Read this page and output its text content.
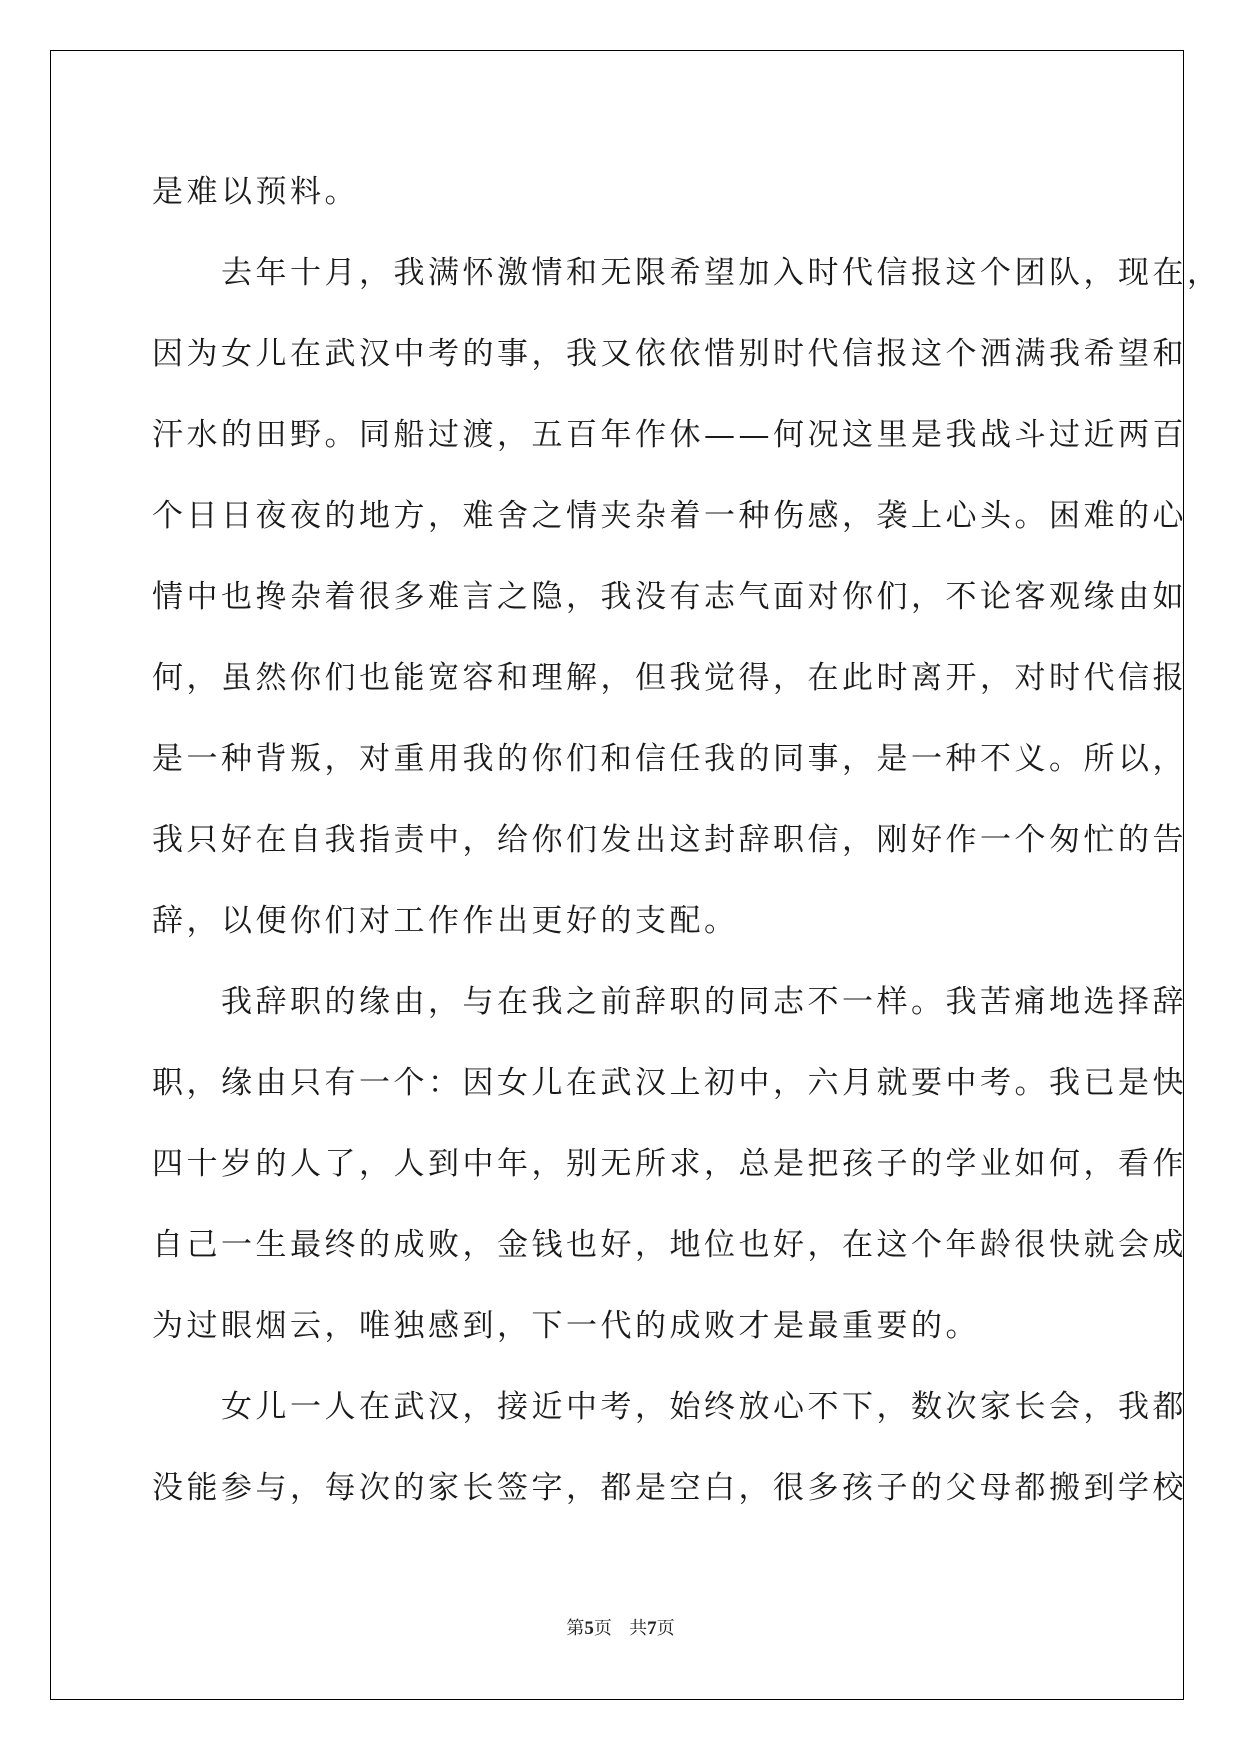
是难以预料。

　　去年十月，我满怀激情和无限希望加入时代信报这个团队，现在，

因为女儿在武汉中考的事，我又依依惜别时代信报这个洒满我希望和

汗水的田野。同船过渡，五百年作休——何况这里是我战斗过近两百

个日日夜夜的地方，难舍之情夹杂着一种伤感，袭上心头。困难的心

情中也搀杂着很多难言之隐，我没有志气面对你们，不论客观缘由如

何，虽然你们也能宽容和理解，但我觉得，在此时离开，对时代信报

是一种背叛，对重用我的你们和信任我的同事，是一种不义。所以，

我只好在自我指责中，给你们发出这封辞职信，刚好作一个匆忙的告

辞，以便你们对工作作出更好的支配。

　　我辞职的缘由，与在我之前辞职的同志不一样。我苦痛地选择辞

职，缘由只有一个：因女儿在武汉上初中，六月就要中考。我已是快

四十岁的人了，人到中年，别无所求，总是把孩子的学业如何，看作

自己一生最终的成败，金钱也好，地位也好，在这个年龄很快就会成

为过眼烟云，唯独感到，下一代的成败才是最重要的。

　　女儿一人在武汉，接近中考，始终放心不下，数次家长会，我都

没能参与，每次的家长签字，都是空白，很多孩子的父母都搬到学校

第5页 共7页
